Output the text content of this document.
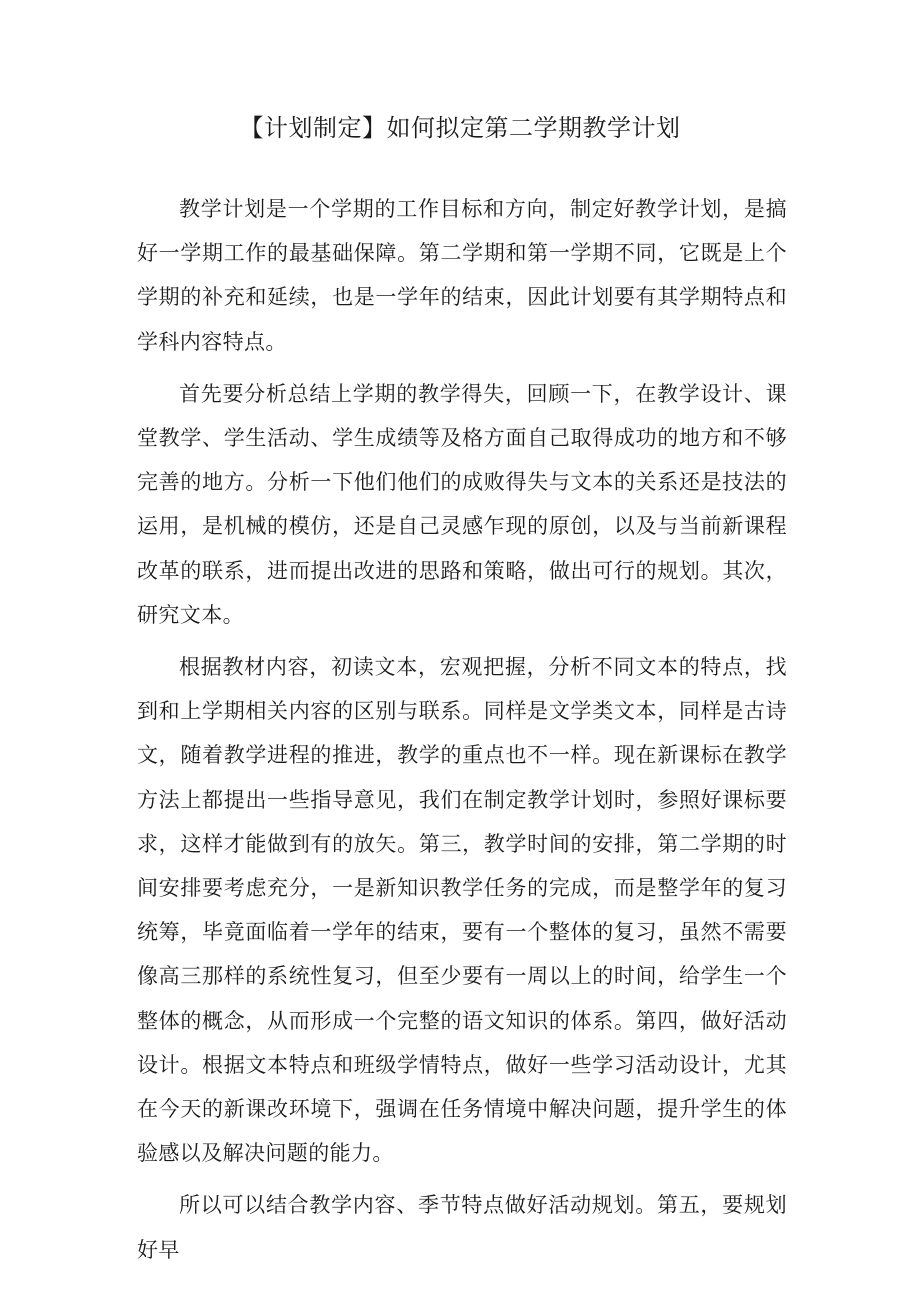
【计划制定】如何拟定第二学期教学计划

教学计划是一个学期的工作目标和方向，制定好教学计划，是搞好一学期工作的最基础保障。第二学期和第一学期不同，它既是上个学期的补充和延续，也是一学年的结束，因此计划要有其学期特点和学科内容特点。

首先要分析总结上学期的教学得失，回顾一下，在教学设计、课堂教学、学生活动、学生成绩等及格方面自己取得成功的地方和不够完善的地方。分析一下他们他们的成败得失与文本的关系还是技法的运用，是机械的模仿，还是自己灵感乍现的原创，以及与当前新课程改革的联系，进而提出改进的思路和策略，做出可行的规划。其次，研究文本。

根据教材内容，初读文本，宏观把握，分析不同文本的特点，找到和上学期相关内容的区别与联系。同样是文学类文本，同样是古诗文，随着教学进程的推进，教学的重点也不一样。现在新课标在教学方法上都提出一些指导意见，我们在制定教学计划时，参照好课标要求，这样才能做到有的放矢。第三，教学时间的安排，第二学期的时间安排要考虑充分，一是新知识教学任务的完成，而是整学年的复习统筹，毕竟面临着一学年的结束，要有一个整体的复习，虽然不需要像高三那样的系统性复习，但至少要有一周以上的时间，给学生一个整体的概念，从而形成一个完整的语文知识的体系。第四，做好活动设计。根据文本特点和班级学情特点，做好一些学习活动设计，尤其在今天的新课改环境下，强调在任务情境中解决问题，提升学生的体验感以及解决问题的能力。

所以可以结合教学内容、季节特点做好活动规划。第五，要规划好早
